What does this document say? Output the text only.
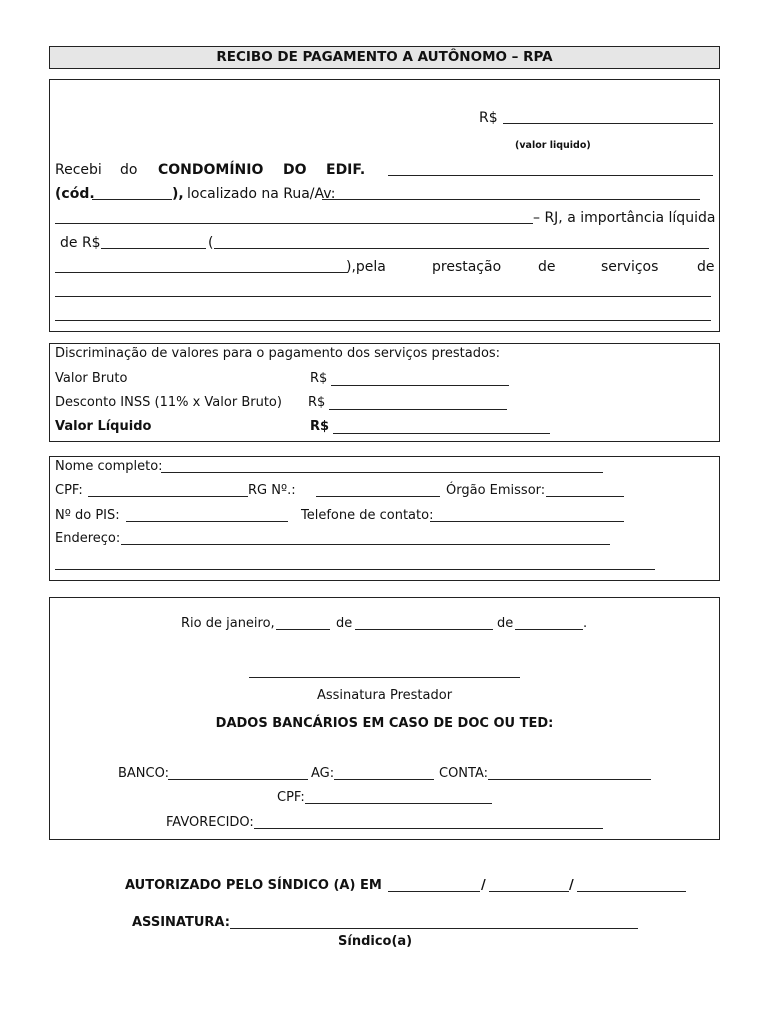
RECIBO DE PAGAMENTO A AUTÔNOMO – RPA
R$
(valor liquido)
Recebi do CONDOMÍNIO DO EDIF.
(cód.	), localizado na Rua/Av:
– RJ, a importância líquida
de R$	(
),pela	prestação	de	serviços	de
Discriminação de valores para o pagamento dos serviços prestados:
Valor Bruto	R$
Desconto INSS (11% x Valor Bruto) R$
Valor Líquido	R$
Nome completo:
CPF:	RG Nº.:	Órgão Emissor:
Nº do PIS:	Telefone de contato:
Endereço:
Rio de janeiro,	de	de	.
Assinatura Prestador
DADOS BANCÁRIOS EM CASO DE DOC OU TED:
BANCO:	AG:	CONTA:
CPF:
FAVORECIDO:
AUTORIZADO PELO SÍNDICO (A) EM	/	/
ASSINATURA:
Síndico(a)
